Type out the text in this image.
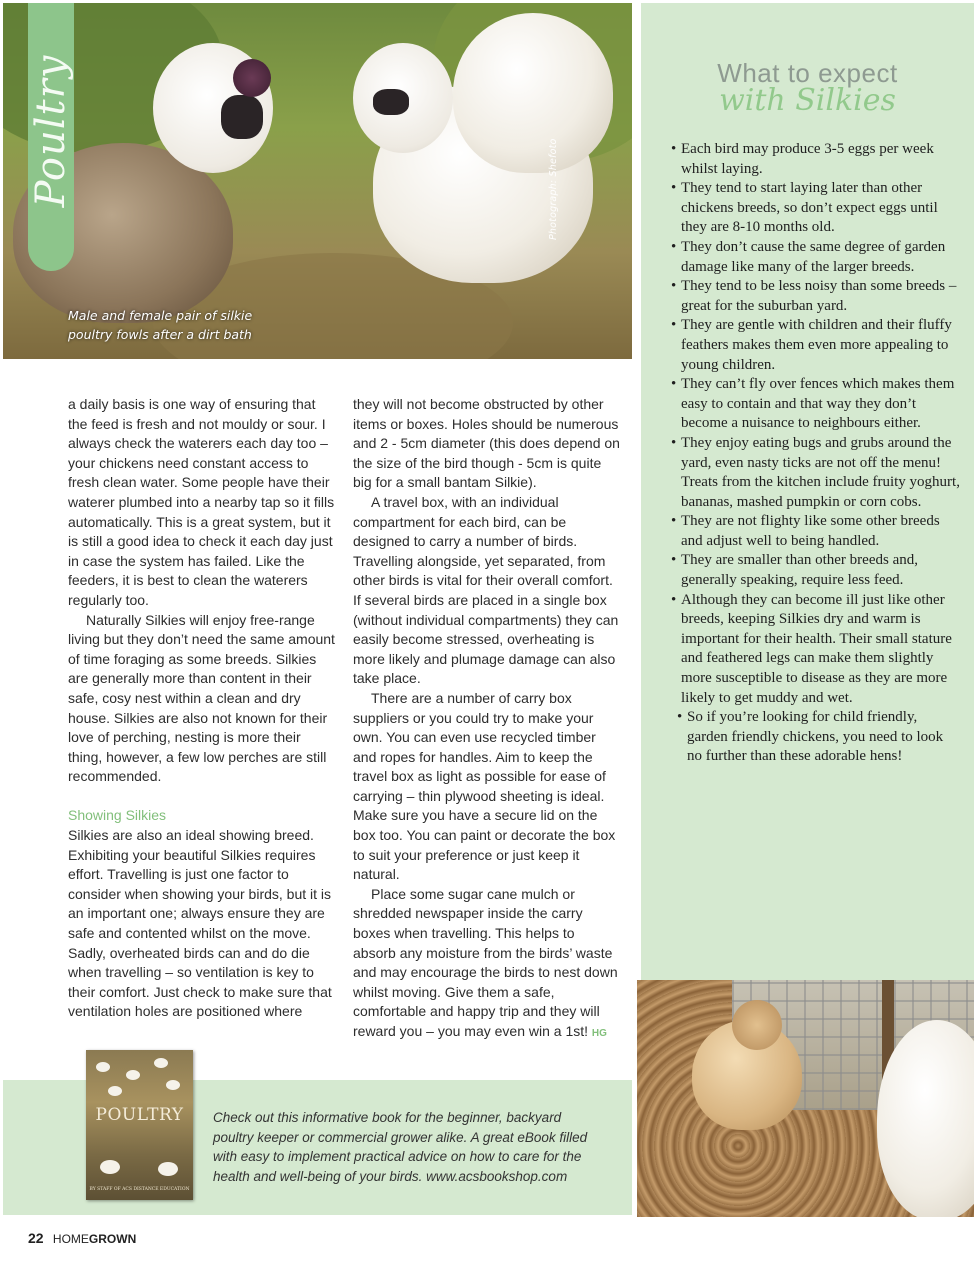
Poultry
Male and female pair of silkie poultry fowls after a dirt bath
Photograph: Shefoto
What to expect
with Silkies
• Each bird may produce 3-5 eggs per week whilst laying.
• They tend to start laying later than other chickens breeds, so don’t expect eggs until they are 8-10 months old.
• They don’t cause the same degree of garden damage like many of the larger breeds.
• They tend to be less noisy than some breeds – great for the suburban yard.
• They are gentle with children and their fluffy feathers makes them even more appealing to young children.
• They can’t fly over fences which makes them easy to contain and that way they don’t become a nuisance to neighbours either.
• They enjoy eating bugs and grubs around the yard, even nasty ticks are not off the menu! Treats from the kitchen include fruity yoghurt, bananas, mashed pumpkin or corn cobs.
• They are not flighty like some other breeds and adjust well to being handled.
• They are smaller than other breeds and, generally speaking, require less feed.
• Although they can become ill just like other breeds, keeping Silkies dry and warm is important for their health. Their small stature and feathered legs can make them slightly more susceptible to disease as they are more likely to get muddy and wet.
• So if you’re looking for child friendly, garden friendly chickens, you need to look no further than these adorable hens!

a daily basis is one way of ensuring that the feed is fresh and not mouldy or sour. I always check the waterers each day too – your chickens need constant access to fresh clean water. Some people have their waterer plumbed into a nearby tap so it fills automatically. This is a great system, but it is still a good idea to check it each day just in case the system has failed. Like the feeders, it is best to clean the waterers regularly too.

Naturally Silkies will enjoy free-range living but they don’t need the same amount of time foraging as some breeds. Silkies are generally more than content in their safe, cosy nest within a clean and dry house. Silkies are also not known for their love of perching, nesting is more their thing, however, a few low perches are still recommended.

Showing Silkies

Silkies are also an ideal showing breed. Exhibiting your beautiful Silkies requires effort. Travelling is just one factor to consider when showing your birds, but it is an important one; always ensure they are safe and contented whilst on the move. Sadly, overheated birds can and do die when travelling – so ventilation is key to their comfort. Just check to make sure that ventilation holes are positioned where

they will not become obstructed by other items or boxes. Holes should be numerous and 2 - 5cm diameter (this does depend on the size of the bird though - 5cm is quite big for a small bantam Silkie).

A travel box, with an individual compartment for each bird, can be designed to carry a number of birds. Travelling alongside, yet separated, from other birds is vital for their overall comfort. If several birds are placed in a single box (without individual compartments) they can easily become stressed, overheating is more likely and plumage damage can also take place.

There are a number of carry box suppliers or you could try to make your own. You can even use recycled timber and ropes for handles. Aim to keep the travel box as light as possible for ease of carrying – thin plywood sheeting is ideal. Make sure you have a secure lid on the box too. You can paint or decorate the box to suit your preference or just keep it natural.

Place some sugar cane mulch or shredded newspaper inside the carry boxes when travelling. This helps to absorb any moisture from the birds’ waste and may encourage the birds to nest down whilst moving. Give them a safe, comfortable and happy trip and they will reward you – you may even win a 1st! HG

POULTRY
BY STAFF OF ACS DISTANCE EDUCATION
Check out this informative book for the beginner, backyard poultry keeper or commercial grower alike. A great eBook filled with easy to implement practical advice on how to care for the health and well-being of your birds. www.acsbookshop.com
22 HOMEGROWN
